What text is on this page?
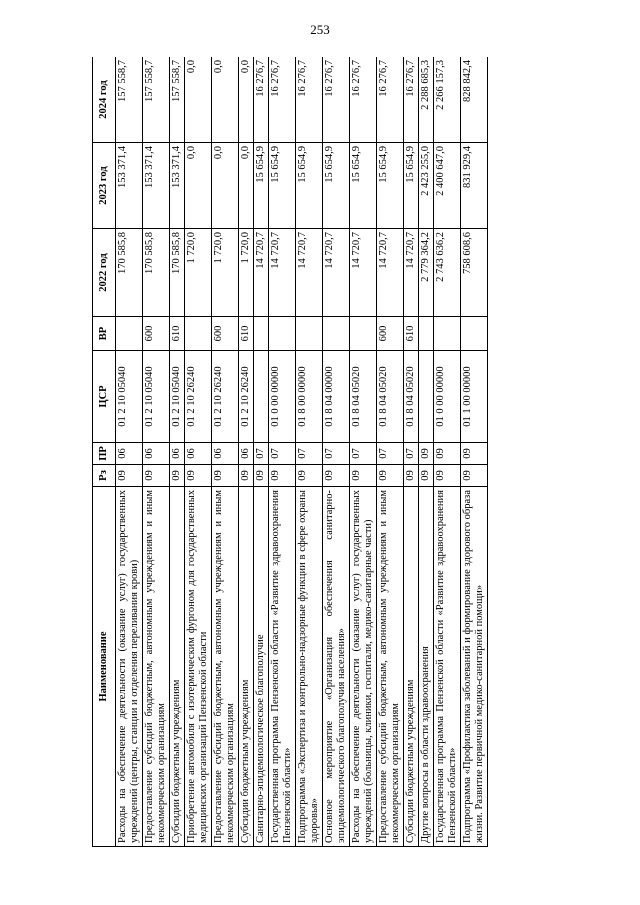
253
Наименование	Рз	ПР	ЦСР	ВР	2022 год	2023 год	2024 год
Расходы на обеспечение деятельности (оказание услуг) государственных учреждений (центры, станции и отделения переливания крови)	09	06	01 2 10 05040		170 585,8	153 371,4	157 558,7
Предоставление субсидий бюджетным, автономным учреждениям и иным некоммерческим организациям	09	06	01 2 10 05040	600	170 585,8	153 371,4	157 558,7
Субсидии бюджетным учреждениям	09	06	01 2 10 05040	610	170 585,8	153 371,4	157 558,7
Приобретение автомобиля с изотермическим фургоном для государственных медицинских организаций Пензенской области	09	06	01 2 10 26240		1 720,0	0,0	0,0
Предоставление субсидий бюджетным, автономным учреждениям и иным некоммерческим организациям	09	06	01 2 10 26240	600	1 720,0	0,0	0,0
Субсидии бюджетным учреждениям	09	06	01 2 10 26240	610	1 720,0	0,0	0,0
Санитарно-эпидемиологическое благополучие	09	07			14 720,7	15 654,9	16 276,7
Государственная программа Пензенской области «Развитие здравоохранения Пензенской области»	09	07	01 0 00 00000		14 720,7	15 654,9	16 276,7
Подпрограмма «Экспертиза и контрольно-надзорные функции в сфере охраны здоровья»	09	07	01 8 00 00000		14 720,7	15 654,9	16 276,7
Основное мероприятие «Организация обеспечения санитарно-эпидемиологического благополучия населения»	09	07	01 8 04 00000		14 720,7	15 654,9	16 276,7
Расходы на обеспечение деятельности (оказание услуг) государственных учреждений (больницы, клиники, госпитали, медико-санитарные части)	09	07	01 8 04 05020		14 720,7	15 654,9	16 276,7
Предоставление субсидий бюджетным, автономным учреждениям и иным некоммерческим организациям	09	07	01 8 04 05020	600	14 720,7	15 654,9	16 276,7
Субсидии бюджетным учреждениям	09	07	01 8 04 05020	610	14 720,7	15 654,9	16 276,7
Другие вопросы в области здравоохранения	09	09			2 779 364,2	2 423 255,0	2 288 685,3
Государственная программа Пензенской области «Развитие здравоохранения Пензенской области»	09	09	01 0 00 00000		2 743 636,2	2 400 647,0	2 266 157,3
Подпрограмма «Профилактика заболеваний и формирование здорового образа жизни. Развитие первичной медико-санитарной помощи»	09	09	01 1 00 00000		758 608,6	831 929,4	828 842,4
